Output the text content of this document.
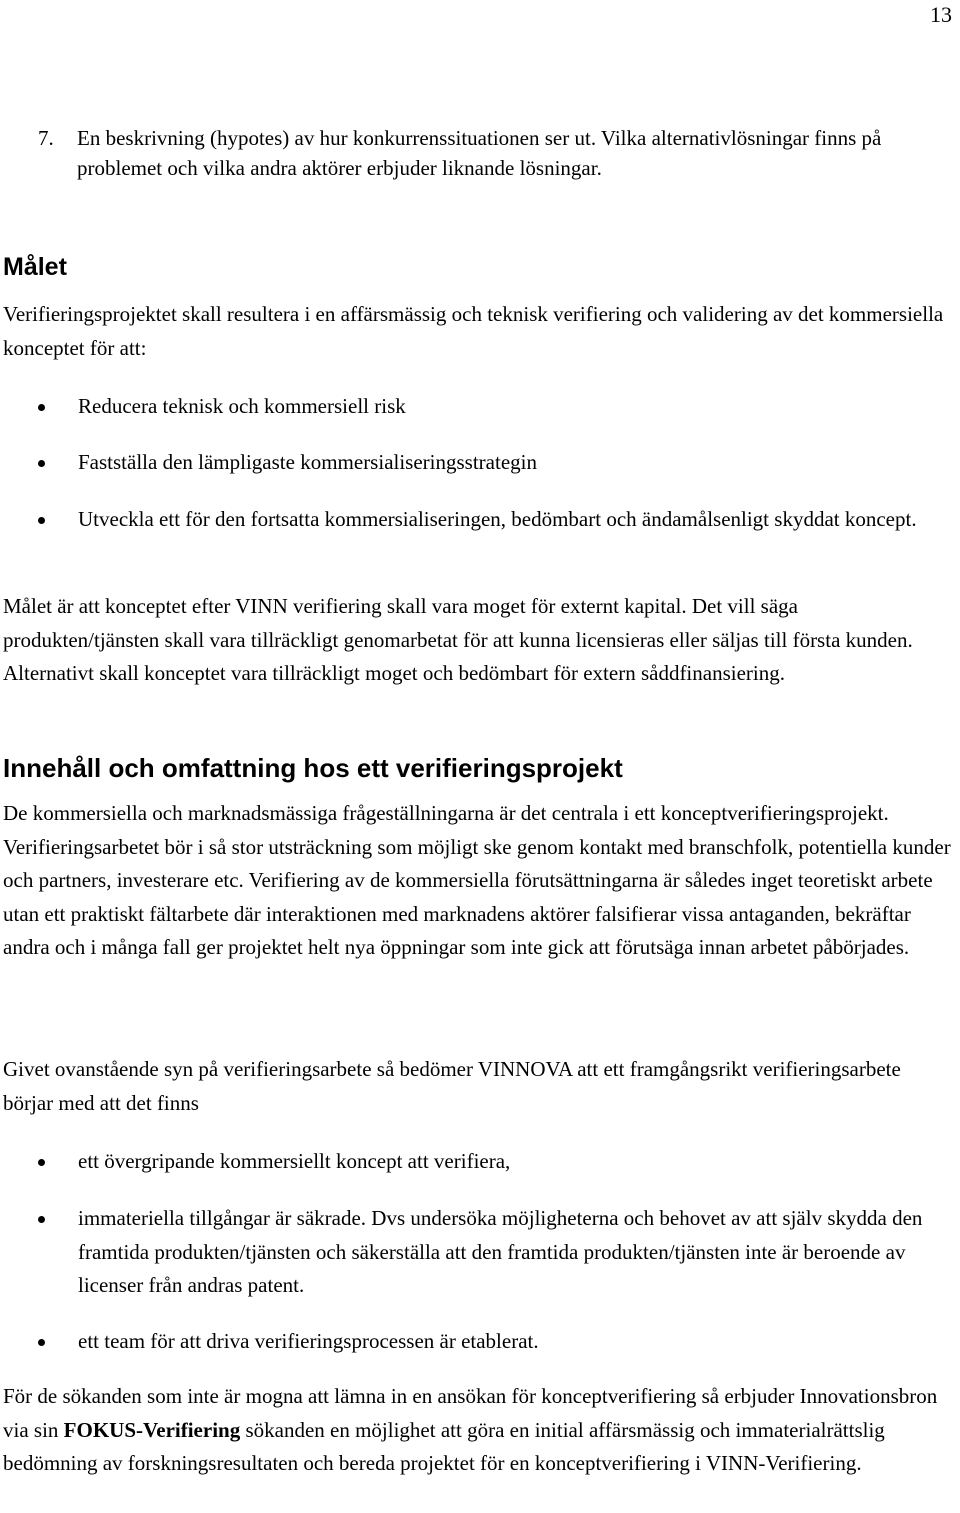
13
7. En beskrivning (hypotes) av hur konkurrenssituationen ser ut. Vilka alternativlösningar finns på problemet och vilka andra aktörer erbjuder liknande lösningar.
Målet

Verifieringsprojektet skall resultera i en affärsmässig och teknisk verifiering och validering av det kommersiella konceptet för att:

Reducera teknisk och kommersiell risk
Fastställa den lämpligaste kommersialiseringsstrategin
Utveckla ett för den fortsatta kommersialiseringen, bedömbart och ändamålsenligt skyddat koncept.

Målet är att konceptet efter VINN verifiering skall vara moget för externt kapital. Det vill säga produkten/tjänsten skall vara tillräckligt genomarbetat för att kunna licensieras eller säljas till första kunden. Alternativt skall konceptet vara tillräckligt moget och bedömbart för extern såddfinansiering.

Innehåll och omfattning hos ett verifieringsprojekt

De kommersiella och marknadsmässiga frågeställningarna är det centrala i ett konceptverifieringsprojekt. Verifieringsarbetet bör i så stor utsträckning som möjligt ske genom kontakt med branschfolk, potentiella kunder och partners, investerare etc. Verifiering av de kommersiella förutsättningarna är således inget teoretiskt arbete utan ett praktiskt fältarbete där interaktionen med marknadens aktörer falsifierar vissa antaganden, bekräftar andra och i många fall ger projektet helt nya öppningar som inte gick att förutsäga innan arbetet påbörjades.

Givet ovanstående syn på verifieringsarbete så bedömer VINNOVA att ett framgångsrikt verifieringsarbete börjar med att det finns

ett övergripande kommersiellt koncept att verifiera,
immateriella tillgångar är säkrade. Dvs undersöka möjligheterna och behovet av att själv skydda den framtida produkten/tjänsten och säkerställa att den framtida produkten/tjänsten inte är beroende av licenser från andras patent.
ett team för att driva verifieringsprocessen är etablerat.

För de sökanden som inte är mogna att lämna in en ansökan för konceptverifiering så erbjuder Innovationsbron via sin FOKUS-Verifiering sökanden en möjlighet att göra en initial affärsmässig och immaterialrättslig bedömning av forskningsresultaten och bereda projektet för en konceptverifiering i VINN-Verifiering.
